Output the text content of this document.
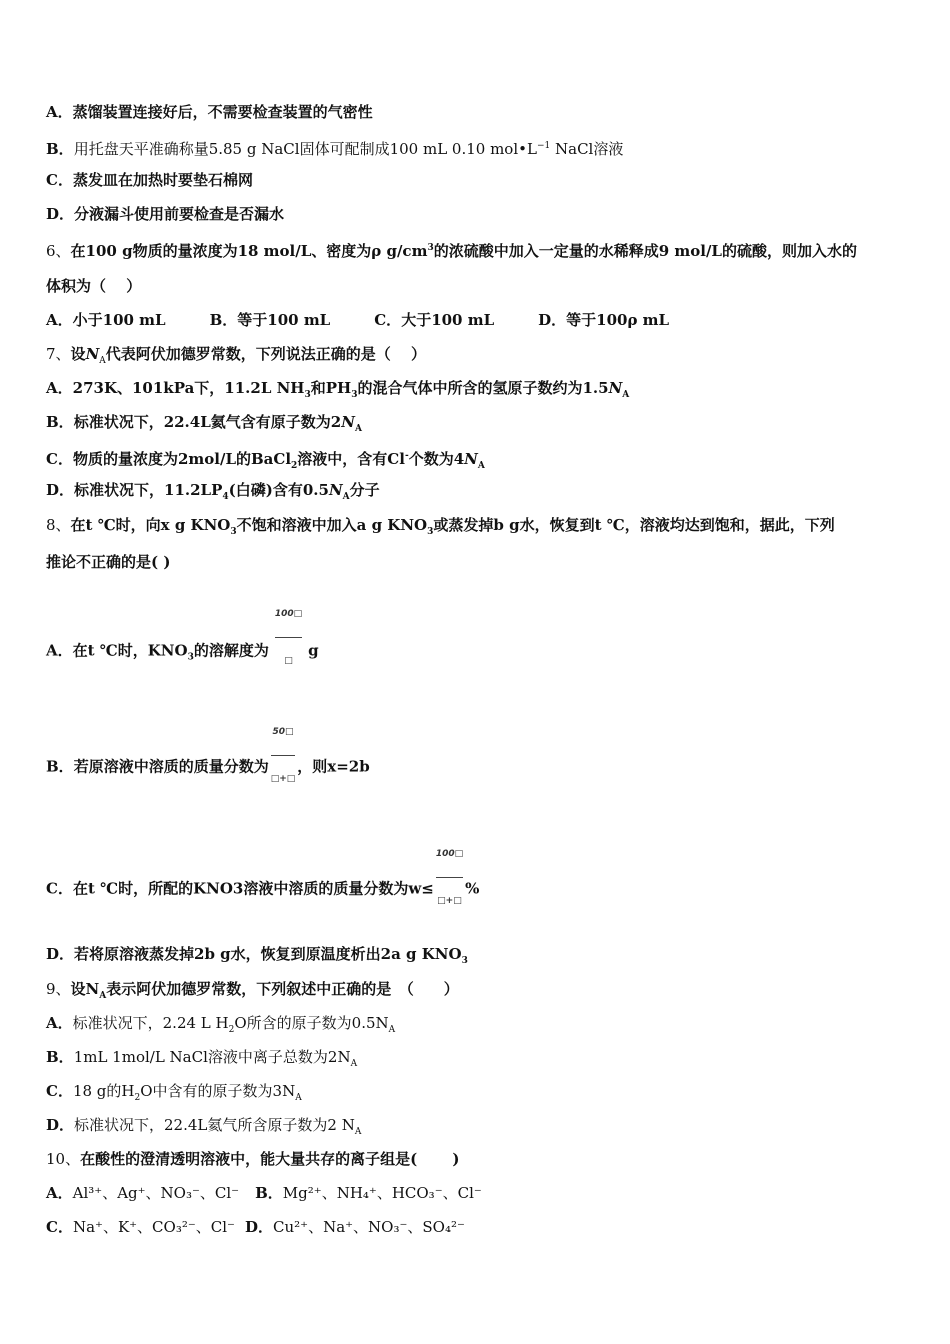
A．蒸馏装置连接好后，不需要检查装置的气密性
B．用托盘天平准确称量5.85 g NaCl固体可配制成100 mL 0.10 $mol•L^{-1}$ NaCl溶液
C．蒸发皿在加热时要垫石棉网
D．分液漏斗使用前要检查是否漏水
6、在100 g物质的量浓度为18 mol/L、密度为ρ $g/cm^3$的浓硫酸中加入一定量的水稀释成9 mol/L的硫酸，则加入水的
体积为（　 ）
A．小于100 mL	B．等于100 mL	C．大于100 mL	D．等于100ρ mL
7、设$N_A$代表阿伏加德罗常数，下列说法正确的是（　 ）
A．273K、101kPa下，11.2L $NH_3$和$PH_3$的混合气体中所含的氢原子数约为$1.5N_A$
B．标准状况下，22.4L氦气含有原子数为$2N_A$
C．物质的量浓度为2mol/L的BaCl$_2$溶液中，含有Cl-个数为$4N_A$
D．标准状况下，$11.2LP_4$(白磷)含有$0.5N_A$分子
8、在t ℃时，向x g $KNO_3$不饱和溶液中加入a g $KNO_3$或蒸发掉b g水，恢复到t ℃，溶液均达到饱和，据此，下列
推论不正确的是( )
A．在t ℃时，$KNO_3$的溶解度为 $\frac{100□}{□}$ g
B．若原溶液中溶质的质量分数为 $\frac{50□}{□+□}$ ，则x=2b
C．在t ℃时，所配的KNO3溶液中溶质的质量分数为$w\le \frac{100□}{□+□}$ %
D．若将原溶液蒸发掉2b g水，恢复到原温度析出2a g $KNO_3$
9、设$N_A$表示阿伏加德罗常数，下列叙述中正确的是　（　　）
A．标准状况下，2.24 L $H_2O$所含的原子数为$0.5N_A$
B．1mL 1mol/L NaCl溶液中离子总数为$2N_A$
C．18 g的$H_2O$中含有的原子数为$3N_A$
D．标准状况下，22.4L氦气所含原子数为2 $N_A$
10、在酸性的澄清透明溶液中，能大量共存的离子组是(　　 )
A．Al³⁺、Ag⁺、NO₃⁻、Cl⁻ B．Mg²⁺、NH₄⁺、HCO₃⁻、Cl⁻
C．Na⁺、K⁺、CO₃²⁻、Cl⁻ D．Cu²⁺、Na⁺、NO₃⁻、SO₄²⁻
